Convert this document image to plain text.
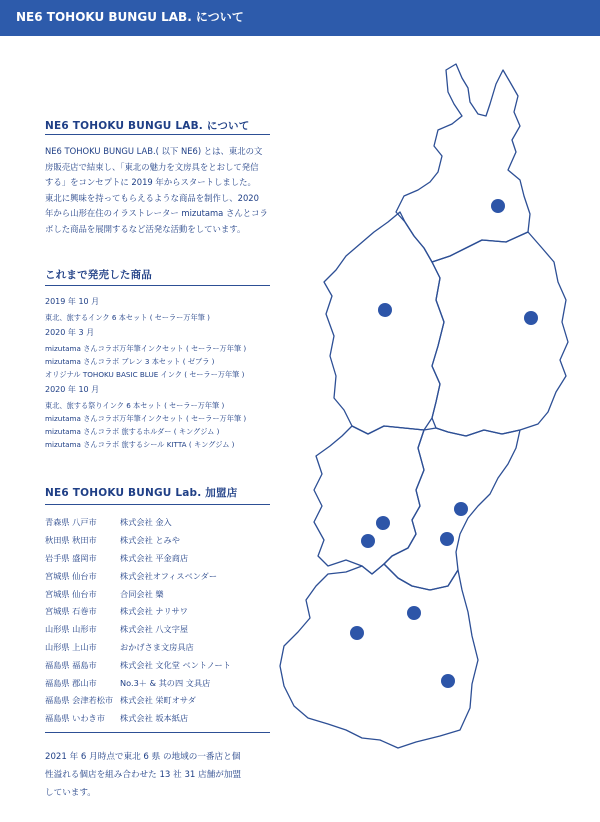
NE6 TOHOKU BUNGU LAB. について
NE6 TOHOKU BUNGU LAB. について

NE6 TOHOKU BUNGU LAB.( 以下 NE6) とは、東北の文

房販売店で結束し、「東北の魅力を文房具をとおして発信

する」をコンセプトに 2019 年からスタートしました。

東北に興味を持ってもらえるような商品を制作し、2020

年から山形在住のイラストレーター mizutama さんとコラ

ボした商品を展開するなど活発な活動をしています。

これまで発売した商品
2019 年 10 月
東北、旅するインク 6 本セット ( セーラー万年筆 )
2020 年 3 月
mizutama さんコラボ万年筆インクセット ( セーラー万年筆 )
mizutama さんコラボ ブレン 3 本セット ( ゼブラ )
オリジナル TOHOKU BASIC BLUE インク ( セーラー万年筆 )
2020 年 10 月
東北、旅する祭りインク 6 本セット ( セーラー万年筆 )
mizutama さんコラボ万年筆インクセット ( セーラー万年筆 )
mizutama さんコラボ 旅するホルダー ( キングジム )
mizutama さんコラボ 旅するシール KITTA ( キングジム )
NE6 TOHOKU BUNGU Lab. 加盟店
青森県 八戸市	株式会社 金入
秋田県 秋田市	株式会社 とみや
岩手県 盛岡市	株式会社 平金商店
宮城県 仙台市	株式会社オフィスベンダー
宮城県 仙台市	合同会社 樂
宮城県 石巻市	株式会社 ナリサワ
山形県 山形市	株式会社 八文字屋
山形県 上山市	おかげさま文房具店
福島県 福島市	株式会社 文化堂 ベントノート
福島県 郡山市	No.3＋ & 其の四 文具店
福島県 会津若松市 株式会社 栄町オサダ
福島県 いわき市	株式会社 坂本紙店

2021 年 6 月時点で東北 6 県 の地域の一番店と個

性溢れる個店を組み合わせた 13 社 31 店舗が加盟

しています。
